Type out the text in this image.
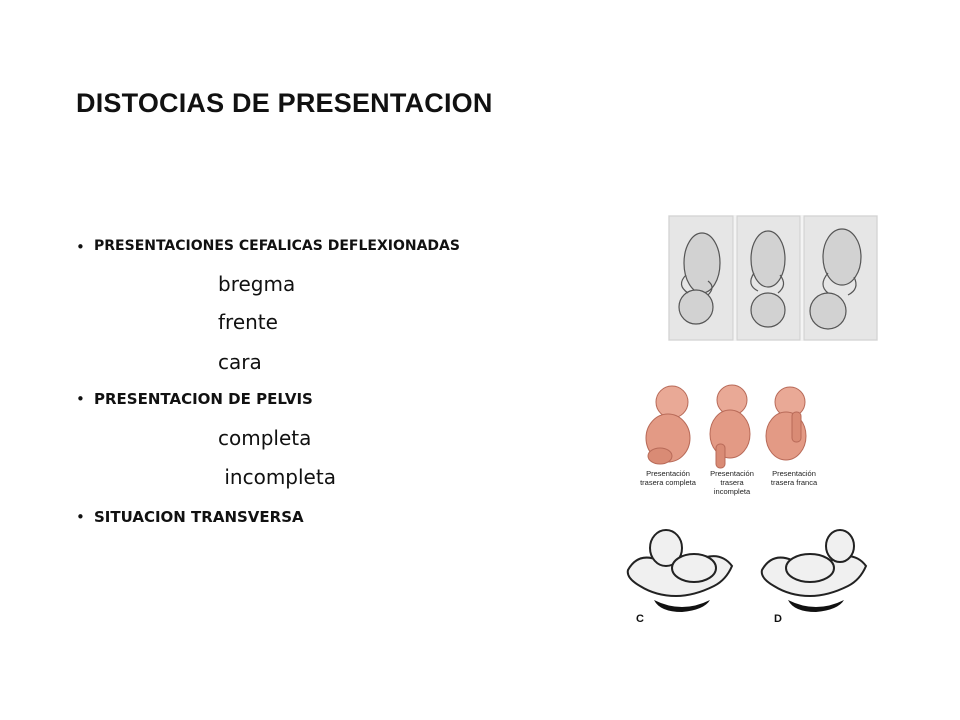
DISTOCIAS DE PRESENTACION
PRESENTACIONES CEFALICAS DEFLEXIONADAS
bregma
frente
cara
PRESENTACION DE PELVIS
completa
incompleta
SITUACION TRANSVERSA
Presentación
trasera completa
Presentación
trasera
incompleta
Presentación
trasera franca
C	D
